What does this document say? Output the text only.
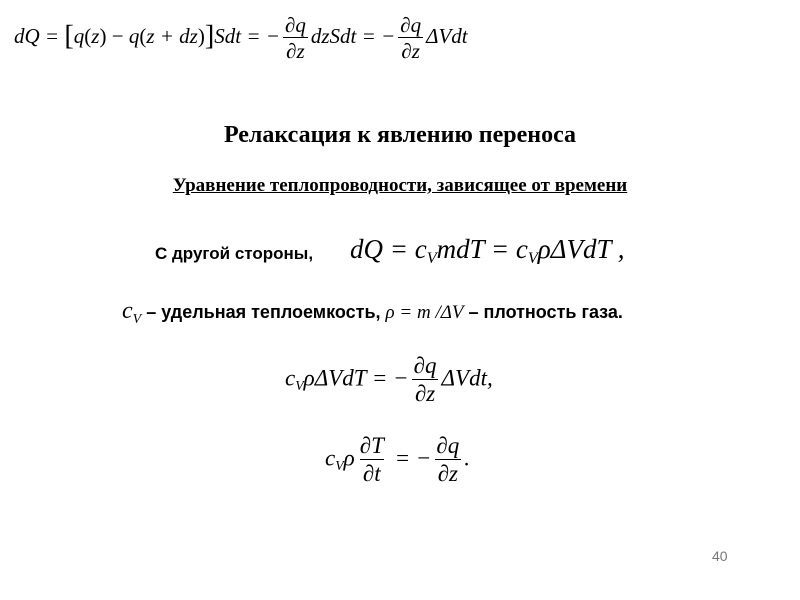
dQ = [q(z) − q(z + dz)]Sdt = − $\frac{\partial q}{\partial z}$ dzSdt = − $\frac{\partial q}{\partial z}$ ΔVdt
Релаксация к явлению переноса
Уравнение теплопроводности, зависящее от времени
С другой стороны, dQ = $c_VmdT = c_V\rho\Delta VdT$ ,
$c_V$ – удельная теплоемкость, ρ = m /ΔV – плотность газа.
$c_V\rho\Delta VdT$ = − $\frac{\partial q}{\partial z} \Delta Vdt$,
$c_V\rho \frac{\partial T}{\partial t}$ = − $\frac{\partial q}{\partial z}$ .
40
